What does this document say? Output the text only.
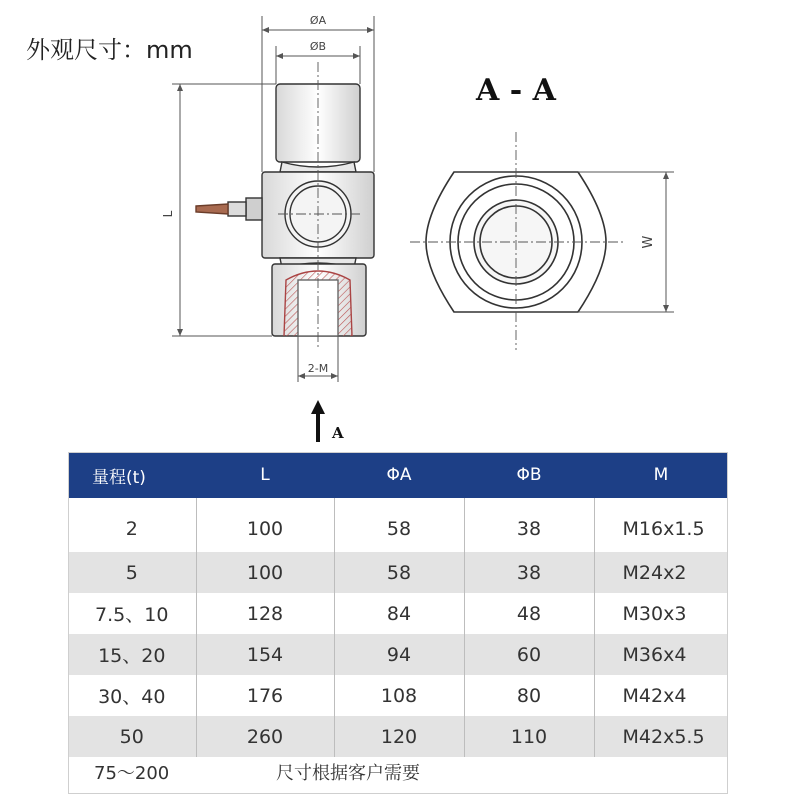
外观尺寸：mm
ØA
ØB
L
2-M
A
A - A
W
量程(t)	L	ΦA	ΦB	M
2	100	58	38	M16x1.5
5	100	58	38	M24x2
7.5、10	128	84	48	M30x3
15、20	154	94	60	M36x4
30、40	176	108	80	M42x4
50	260	120	110	M42x5.5
75～200	尺寸根据客户需要			
